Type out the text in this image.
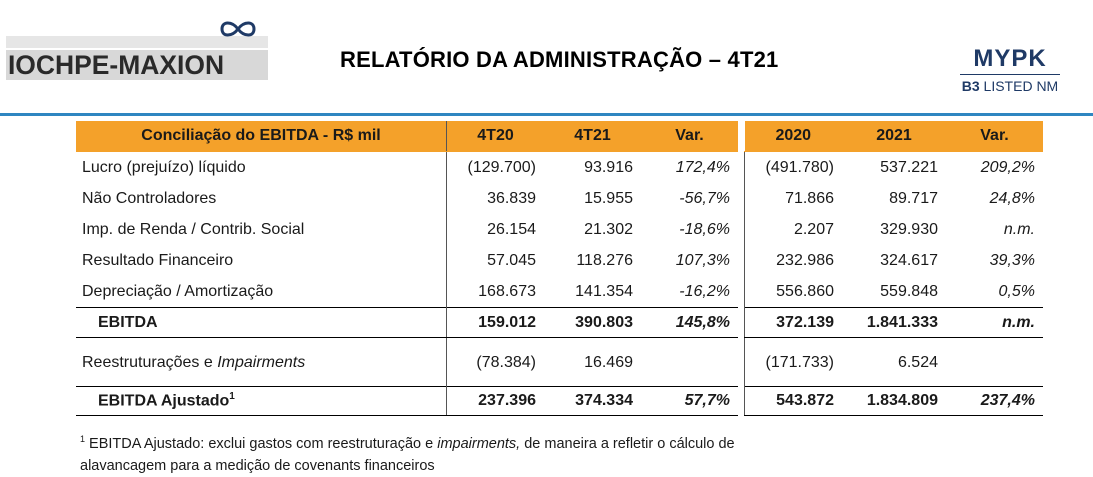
IOCHPE-MAXION	RELATÓRIO DA ADMINISTRAÇÃO – 4T21	MYPK
B3 LISTED NM
Conciliação do EBITDA - R$ mil	4T20	4T21	Var.		2020	2021	Var.
Lucro (prejuízo) líquido	(129.700)	93.916	172,4%		(491.780)	537.221	209,2%
Não Controladores	36.839	15.955	-56,7%		71.866	89.717	24,8%
Imp. de Renda / Contrib. Social	26.154	21.302	-18,6%		2.207	329.930	n.m.
Resultado Financeiro	57.045	118.276	107,3%		232.986	324.617	39,3%
Depreciação / Amortização	168.673	141.354	-16,2%		556.860	559.848	0,5%
EBITDA	159.012	390.803	145,8%		372.139	1.841.333	n.m.

Reestruturações e Impairments	(78.384)	16.469			(171.733)	6.524	

EBITDA Ajustado$^1$	237.396	374.334	57,7%		543.872	1.834.809	237,4%
$^1$ EBITDA Ajustado: exclui gastos com reestruturação e impairments, de maneira a refletir o cálculo de
alavancagem para a medição de covenants financeiros
